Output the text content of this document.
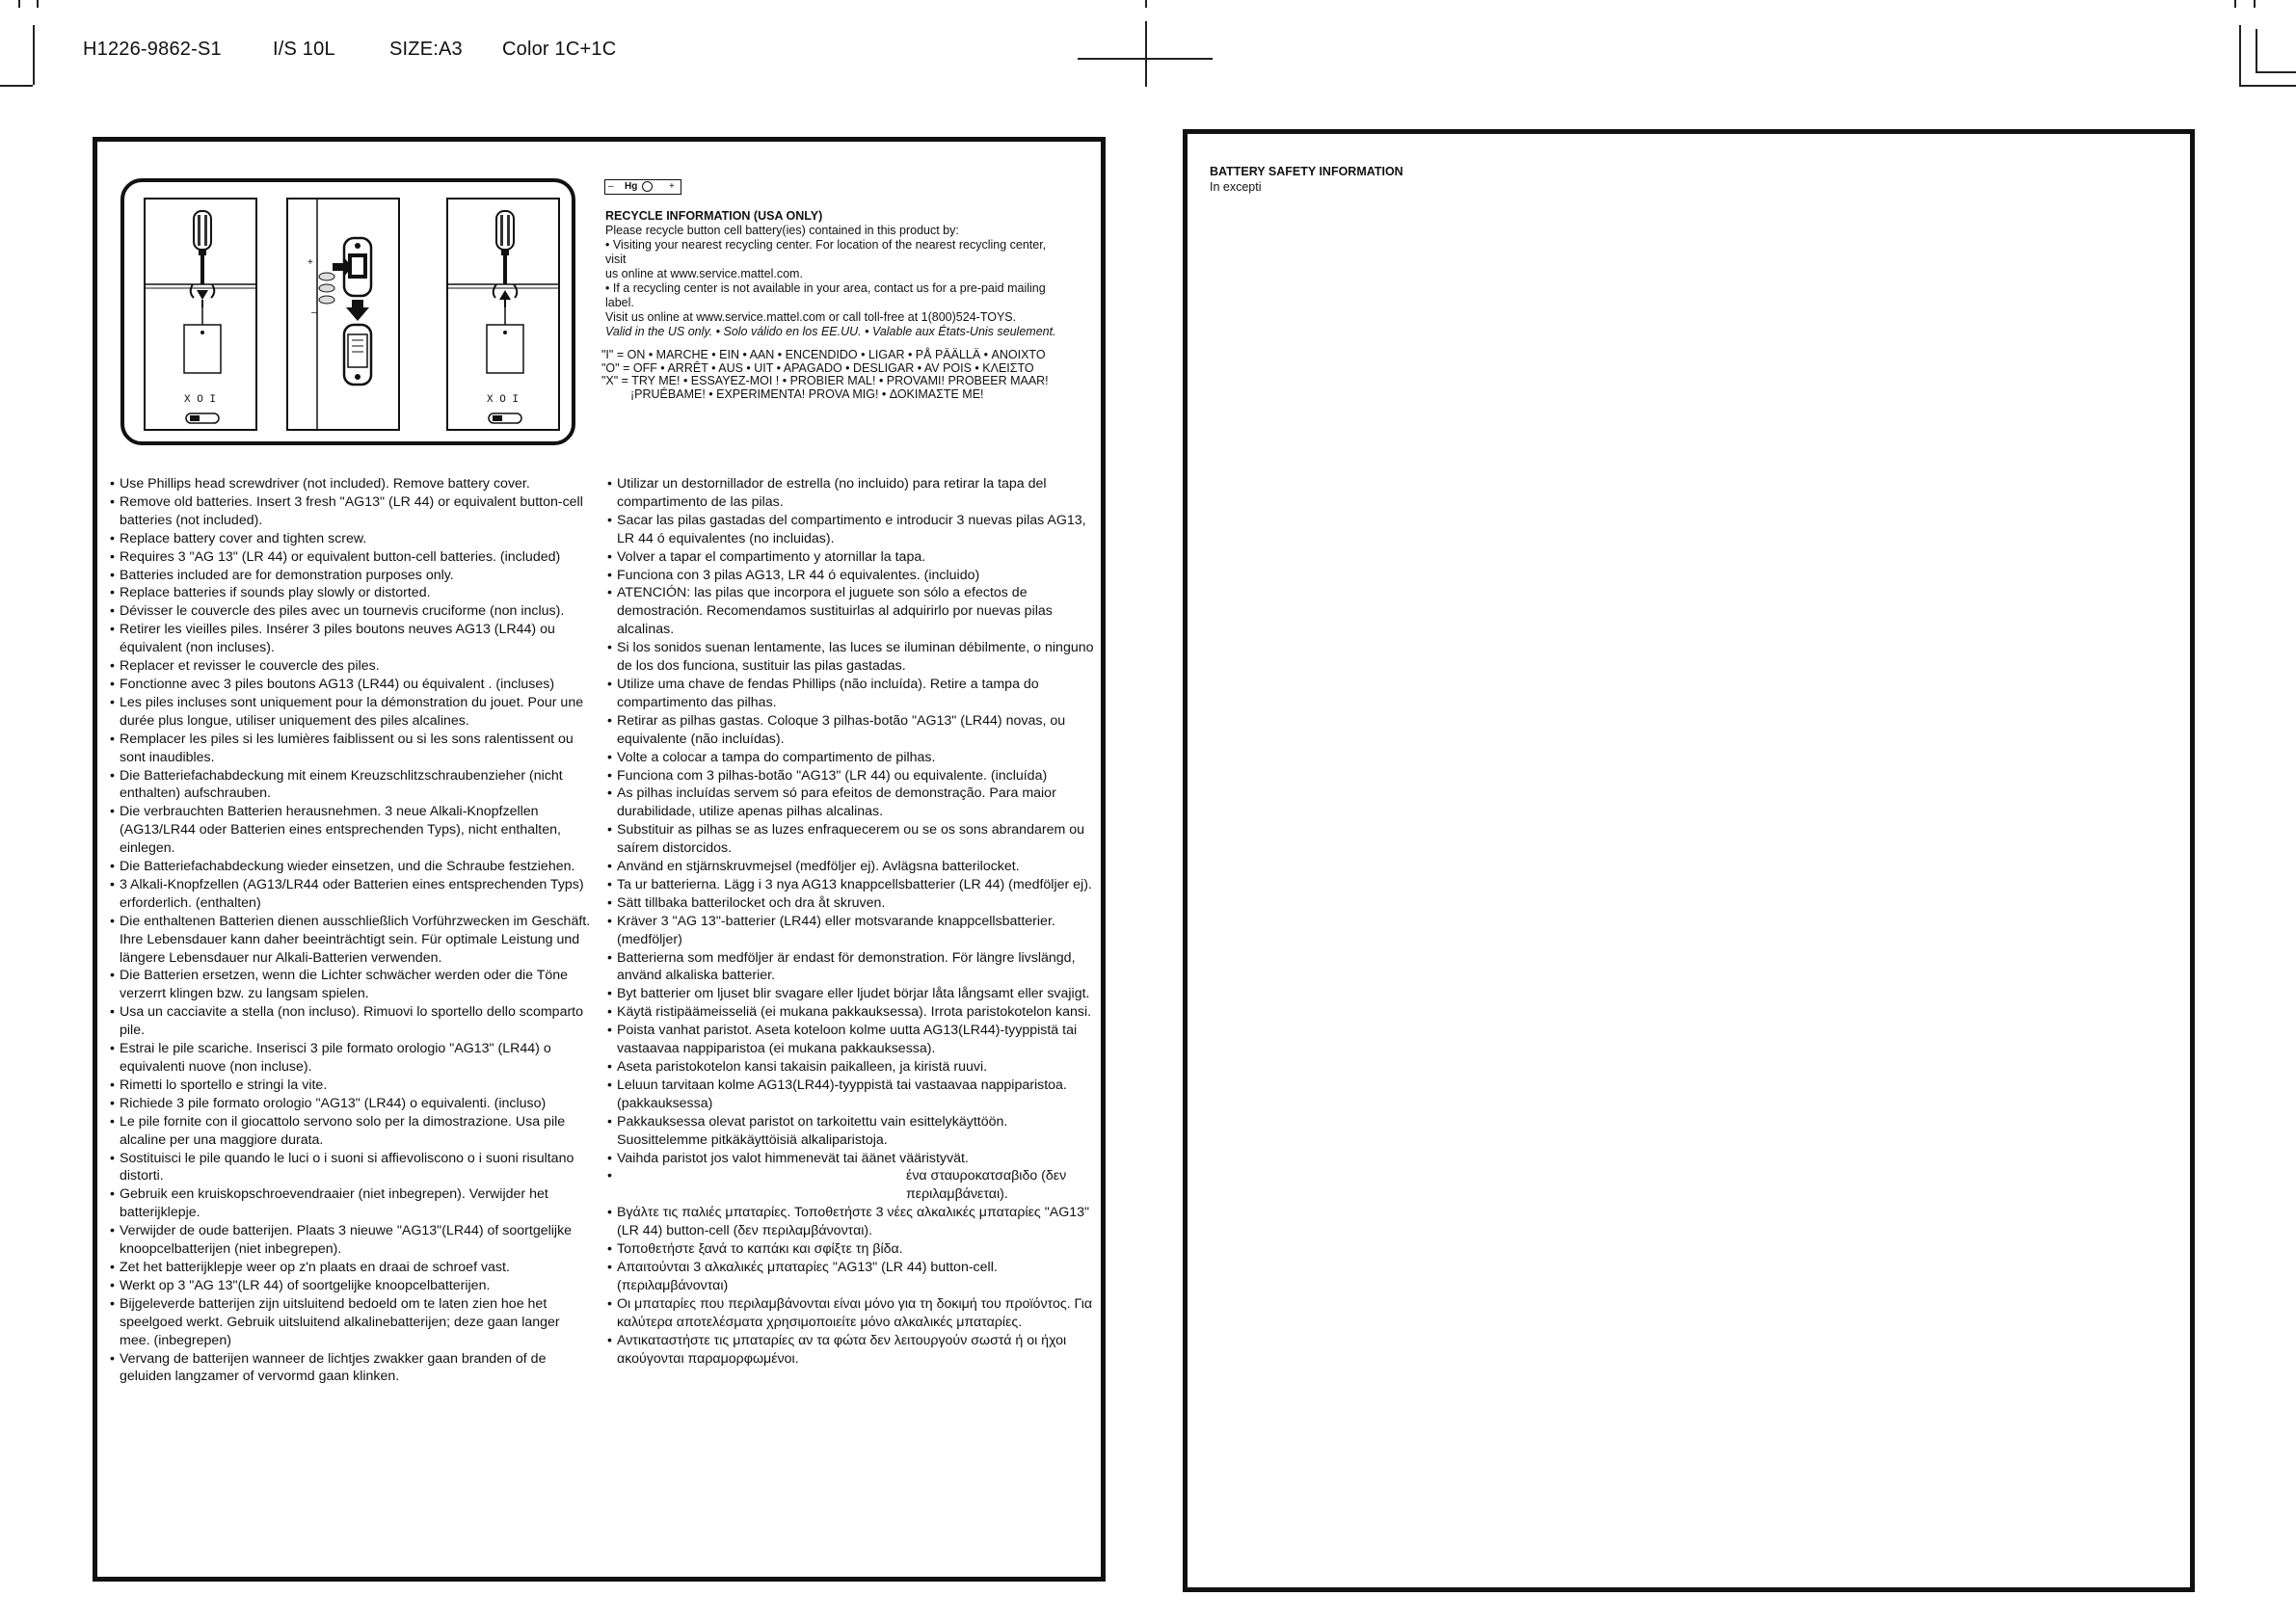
H1226-9862-S1	I/S 10L	SIZE:A3 Color 1C+1C
X O I
+
–
X O I
– Hg	+
RECYCLE INFORMATION (USA ONLY)
Please recycle button cell battery(ies) contained in this product by:
• Visiting your nearest recycling center. For location of the nearest recycling center, visit
us online at www.service.mattel.com.
• If a recycling center is not available in your area, contact us for a pre-paid mailing label.
Visit us online at www.service.mattel.com or call toll-free at 1(800)524-TOYS.
Valid in the US only. • Solo válido en los EE.UU. • Valable aux États-Unis seulement.
"I" = ON • MARCHE • EIN • AAN • ENCENDIDO • LIGAR • PÅ PÄÄLLÄ • ΑΝΟΙΧΤΟ
"O" = OFF • ARRÊT • AUS • UIT • APAGADO • DESLIGAR • AV POIS • ΚΛΕΙΣΤΟ
"X" = TRY ME! • ESSAYEZ-MOI ! • PROBIER MAL! • PROVAMI! PROBEER MAAR!
¡PRUÉBAME! • EXPERIMENTA! PROVA MIG! • ΔΟΚΙΜΑΣΤΕ ΜΕ!
• Use Phillips head screwdriver (not included). Remove battery cover.
• Remove old batteries. Insert 3 fresh "AG13" (LR 44) or equivalent button-cell batteries (not included).
• Replace battery cover and tighten screw.
• Requires 3 "AG 13" (LR 44) or equivalent button-cell batteries. (included)
• Batteries included are for demonstration purposes only.
• Replace batteries if sounds play slowly or distorted.
• Dévisser le couvercle des piles avec un tournevis cruciforme (non inclus).
• Retirer les vieilles piles. Insérer 3 piles boutons neuves AG13 (LR44) ou équivalent (non incluses).
• Replacer et revisser le couvercle des piles.
• Fonctionne avec 3 piles boutons AG13 (LR44) ou équivalent . (incluses)
• Les piles incluses sont uniquement pour la démonstration du jouet. Pour une durée plus longue, utiliser uniquement des piles alcalines.
• Remplacer les piles si les lumières faiblissent ou si les sons ralentissent ou sont inaudibles.
• Die Batteriefachabdeckung mit einem Kreuzschlitzschraubenzieher (nicht enthalten) aufschrauben.
• Die verbrauchten Batterien herausnehmen. 3 neue Alkali-Knopfzellen (AG13/LR44 oder Batterien eines entsprechenden Typs), nicht enthalten, einlegen.
• Die Batteriefachabdeckung wieder einsetzen, und die Schraube festziehen.
• 3 Alkali-Knopfzellen (AG13/LR44 oder Batterien eines entsprechenden Typs) erforderlich. (enthalten)
• Die enthaltenen Batterien dienen ausschließlich Vorführzwecken im Geschäft. Ihre Lebensdauer kann daher beeinträchtigt sein. Für optimale Leistung und längere Lebensdauer nur Alkali-Batterien verwenden.
• Die Batterien ersetzen, wenn die Lichter schwächer werden oder die Töne verzerrt klingen bzw. zu langsam spielen.
• Usa un cacciavite a stella (non incluso). Rimuovi lo sportello dello scomparto pile.
• Estrai le pile scariche. Inserisci 3 pile formato orologio "AG13" (LR44) o equivalenti nuove (non incluse).
• Rimetti lo sportello e stringi la vite.
• Richiede 3 pile formato orologio "AG13" (LR44) o equivalenti. (incluso)
• Le pile fornite con il giocattolo servono solo per la dimostrazione. Usa pile alcaline per una maggiore durata.
• Sostituisci le pile quando le luci o i suoni si affievoliscono o i suoni risultano distorti.
• Gebruik een kruiskopschroevendraaier (niet inbegrepen). Verwijder het batterijklepje.
• Verwijder de oude batterijen. Plaats 3 nieuwe "AG13"(LR44) of soortgelijke knoopcelbatterijen (niet inbegrepen).
• Zet het batterijklepje weer op z'n plaats en draai de schroef vast.
• Werkt op 3 "AG 13"(LR 44) of soortgelijke knoopcelbatterijen.
• Bijgeleverde batterijen zijn uitsluitend bedoeld om te laten zien hoe het speelgoed werkt. Gebruik uitsluitend alkalinebatterijen; deze gaan langer mee. (inbegrepen)
• Vervang de batterijen wanneer de lichtjes zwakker gaan branden of de geluiden langzamer of vervormd gaan klinken.
• Utilizar un destornillador de estrella (no incluido) para retirar la tapa del compartimento de las pilas.
• Sacar las pilas gastadas del compartimento e introducir 3 nuevas pilas AG13, LR 44 ó equivalentes (no incluidas).
• Volver a tapar el compartimento y atornillar la tapa.
• Funciona con 3 pilas AG13, LR 44 ó equivalentes. (incluido)
• ATENCIÓN: las pilas que incorpora el juguete son sólo a efectos de demostración. Recomendamos sustituirlas al adquirirlo por nuevas pilas alcalinas.
• Si los sonidos suenan lentamente, las luces se iluminan débilmente, o ninguno de los dos funciona, sustituir las pilas gastadas.
• Utilize uma chave de fendas Phillips (não incluída). Retire a tampa do compartimento das pilhas.
• Retirar as pilhas gastas. Coloque 3 pilhas-botão "AG13" (LR44) novas, ou equivalente (não incluídas).
• Volte a colocar a tampa do compartimento de pilhas.
• Funciona com 3 pilhas-botão "AG13" (LR 44) ou equivalente. (incluída)
• As pilhas incluídas servem só para efeitos de demonstração. Para maior durabilidade, utilize apenas pilhas alcalinas.
• Substituir as pilhas se as luzes enfraquecerem ou se os sons abrandarem ou saírem distorcidos.
• Använd en stjärnskruvmejsel (medföljer ej). Avlägsna batterilocket.
• Ta ur batterierna. Lägg i 3 nya AG13 knappcellsbatterier (LR 44) (medföljer ej).
• Sätt tillbaka batterilocket och dra åt skruven.
• Kräver 3 "AG 13"-batterier (LR44) eller motsvarande knappcellsbatterier. (medföljer)
• Batterierna som medföljer är endast för demonstration. För längre livslängd, använd alkaliska batterier.
• Byt batterier om ljuset blir svagare eller ljudet börjar låta långsamt eller svajigt.
• Käytä ristipäämeisseliä (ei mukana pakkauksessa). Irrota paristokotelon kansi.
• Poista vanhat paristot. Aseta koteloon kolme uutta AG13(LR44)-tyyppistä tai vastaavaa nappiparistoa (ei mukana pakkauksessa).
• Aseta paristokotelon kansi takaisin paikalleen, ja kiristä ruuvi.
• Leluun tarvitaan kolme AG13(LR44)-tyyppistä tai vastaavaa nappiparistoa. (pakkauksessa)
• Pakkauksessa olevat paristot on tarkoitettu vain esittelykäyttöön. Suosittelemme pitkäkäyttöisiä alkaliparistoja.
• Vaihda paristot jos valot himmenevät tai äänet vääristyvät.
• ένα σταυροκατσαβιδο (δεν περιλαμβάνεται).
• Βγάλτε τις παλιές μπαταρίες. Τοποθετήστε 3 νέες αλκαλικές μπαταρίες "AG13" (LR 44) button-cell (δεν περιλαμβάνονται).
• Τοποθετήστε ξανά το καπάκι και σφίξτε τη βίδα.
• Απαιτούνται 3 αλκαλικές μπαταρίες "AG13" (LR 44) button-cell. (περιλαμβάνονται)
• Οι μπαταρίες που περιλαμβάνονται είναι μόνο για τη δοκιμή του προϊόντος. Για καλύτερα αποτελέσματα χρησιμοποιείτε μόνο αλκαλικές μπαταρίες.
• Αντικαταστήστε τις μπαταρίες αν τα φώτα δεν λειτουργούν σωστά ή οι ήχοι ακούγονται παραμορφωμένοι.
BATTERY SAFETY INFORMATION
In excepti
